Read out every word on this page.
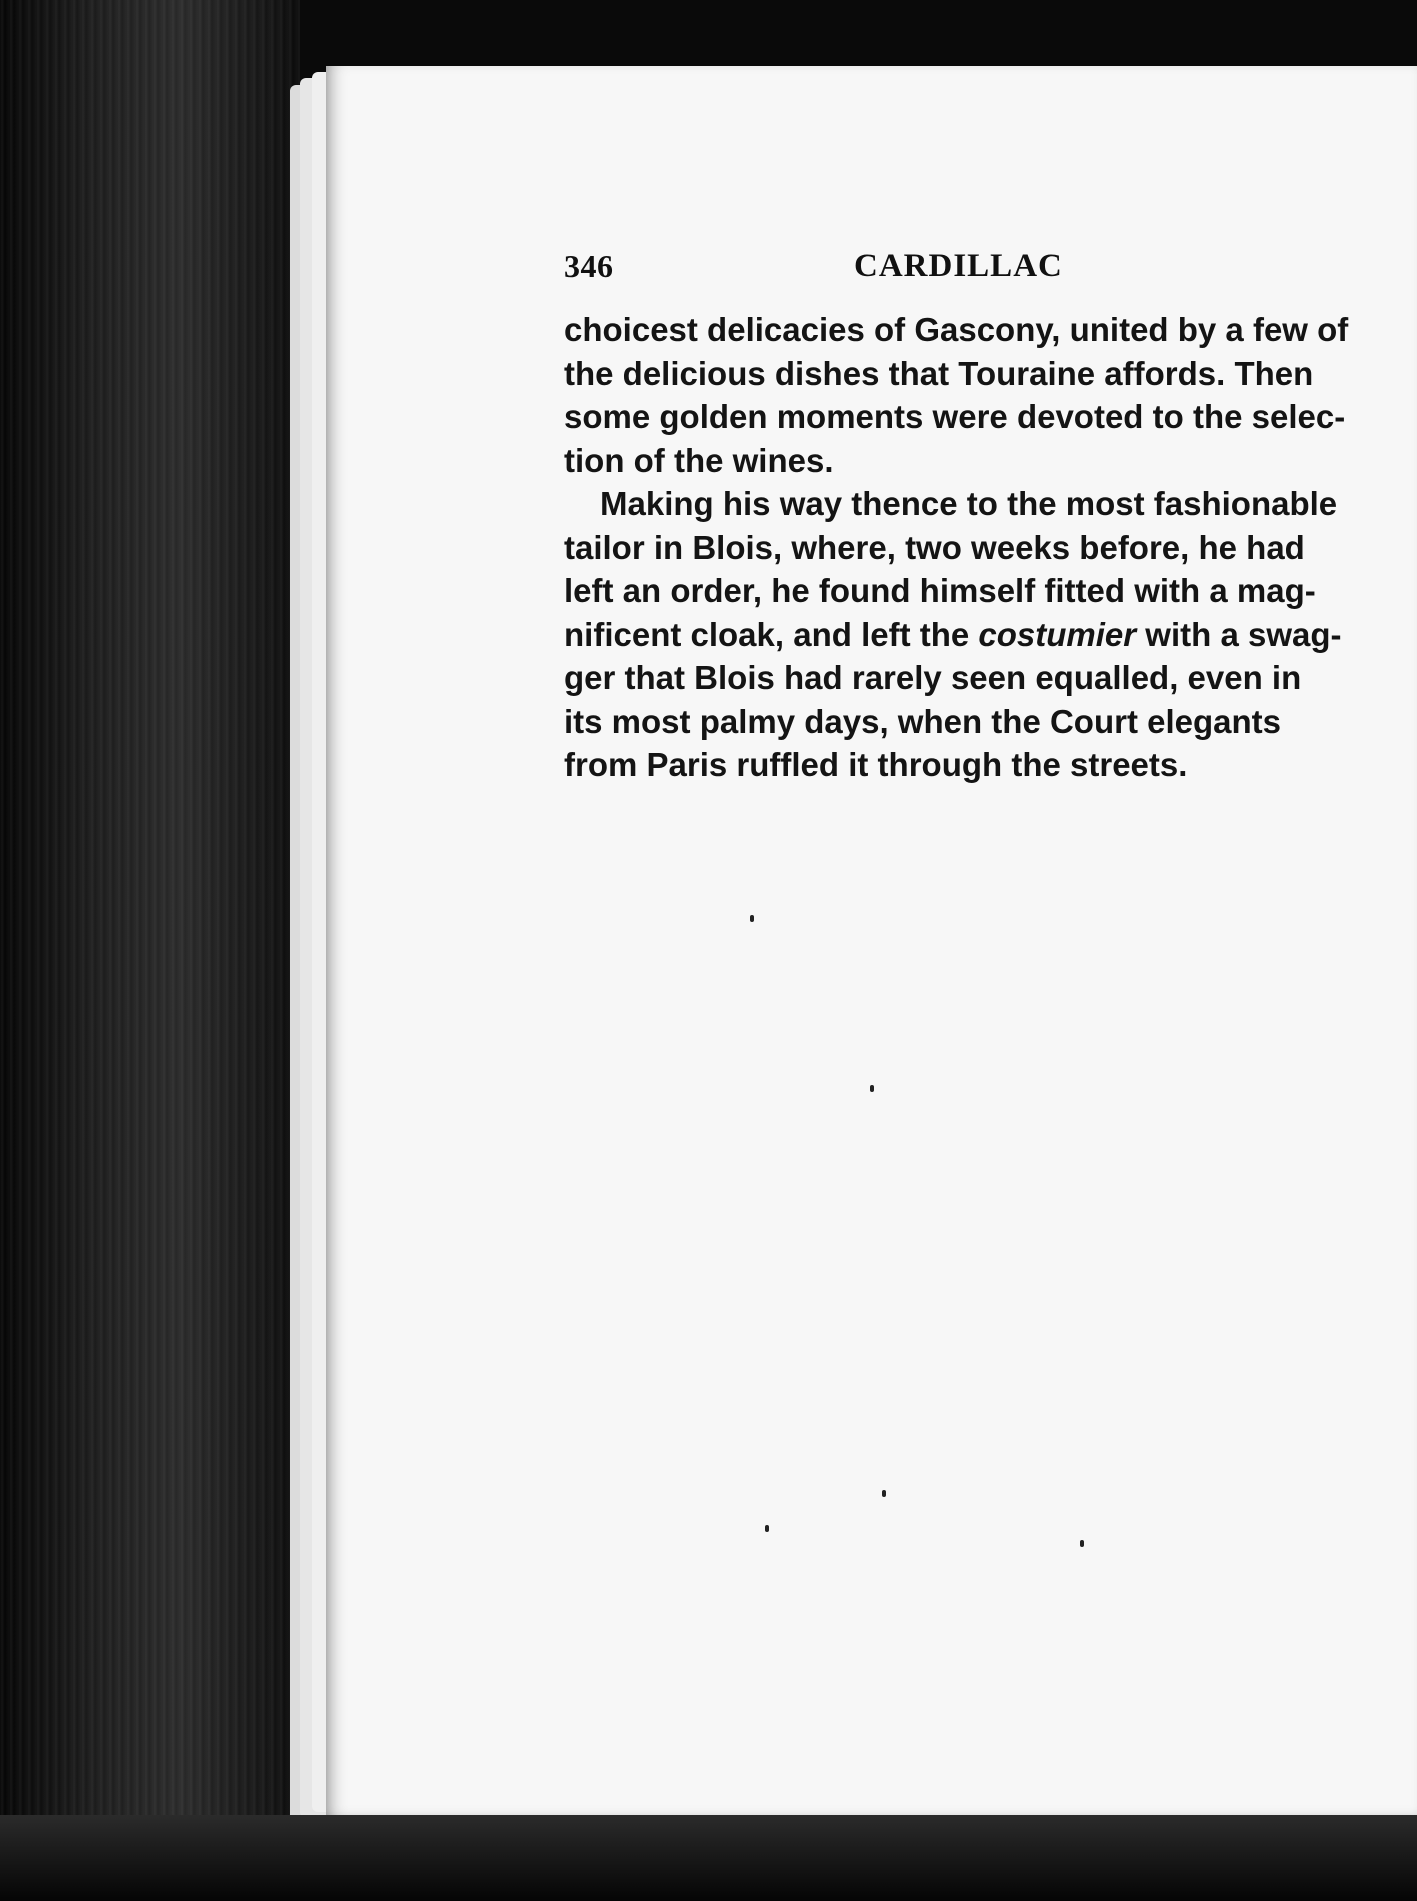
346	CARDILLAC

choicest delicacies of Gascony, united by a few of
the delicious dishes that Touraine affords. Then
some golden moments were devoted to the selec-
tion of the wines.

Making his way thence to the most fashionable
tailor in Blois, where, two weeks before, he had
left an order, he found himself fitted with a mag-
nificent cloak, and left the costumier with a swag-
ger that Blois had rarely seen equalled, even in
its most palmy days, when the Court elegants
from Paris ruffled it through the streets.
